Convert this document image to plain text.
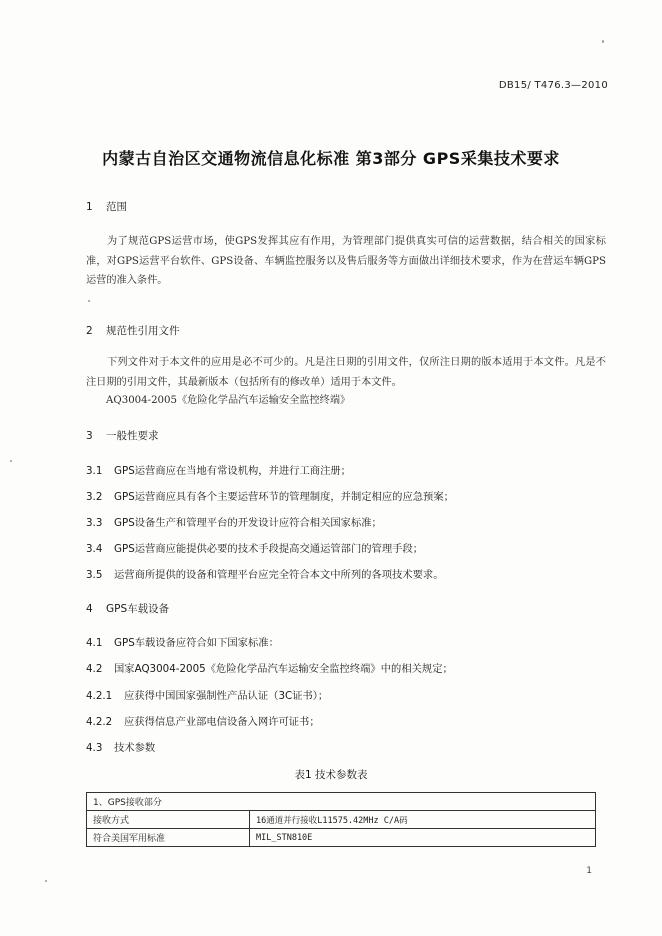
DB15/ T476.3—2010
内蒙古自治区交通物流信息化标准 第3部分 GPS采集技术要求
1 范围
为了规范GPS运营市场，使GPS发挥其应有作用，为管理部门提供真实可信的运营数据，结合相关的国家标准，对GPS运营平台软件、GPS设备、车辆监控服务以及售后服务等方面做出详细技术要求，作为在营运车辆GPS运营的准入条件。
2 规范性引用文件
下列文件对于本文件的应用是必不可少的。凡是注日期的引用文件，仅所注日期的版本适用于本文件。凡是不注日期的引用文件，其最新版本（包括所有的修改单）适用于本文件。
AQ3004-2005《危险化学品汽车运输安全监控终端》
3 一般性要求
3.1 GPS运营商应在当地有常设机构，并进行工商注册；
3.2 GPS运营商应具有各个主要运营环节的管理制度，并制定相应的应急预案；
3.3 GPS设备生产和管理平台的开发设计应符合相关国家标准；
3.4 GPS运营商应能提供必要的技术手段提高交通运管部门的管理手段；
3.5 运营商所提供的设备和管理平台应完全符合本文中所列的各项技术要求。
4 GPS车载设备
4.1 GPS车载设备应符合如下国家标准：
4.2 国家AQ3004-2005《危险化学品汽车运输安全监控终端》中的相关规定；
4.2.1 应获得中国国家强制性产品认证（3C证书）；
4.2.2 应获得信息产业部电信设备入网许可证书；
4.3 技术参数
表1 技术参数表
1、GPS接收部分	
接收方式	16通道并行接收L11575.42MHz C/A码
符合美国军用标准	MIL_STN810E
1
